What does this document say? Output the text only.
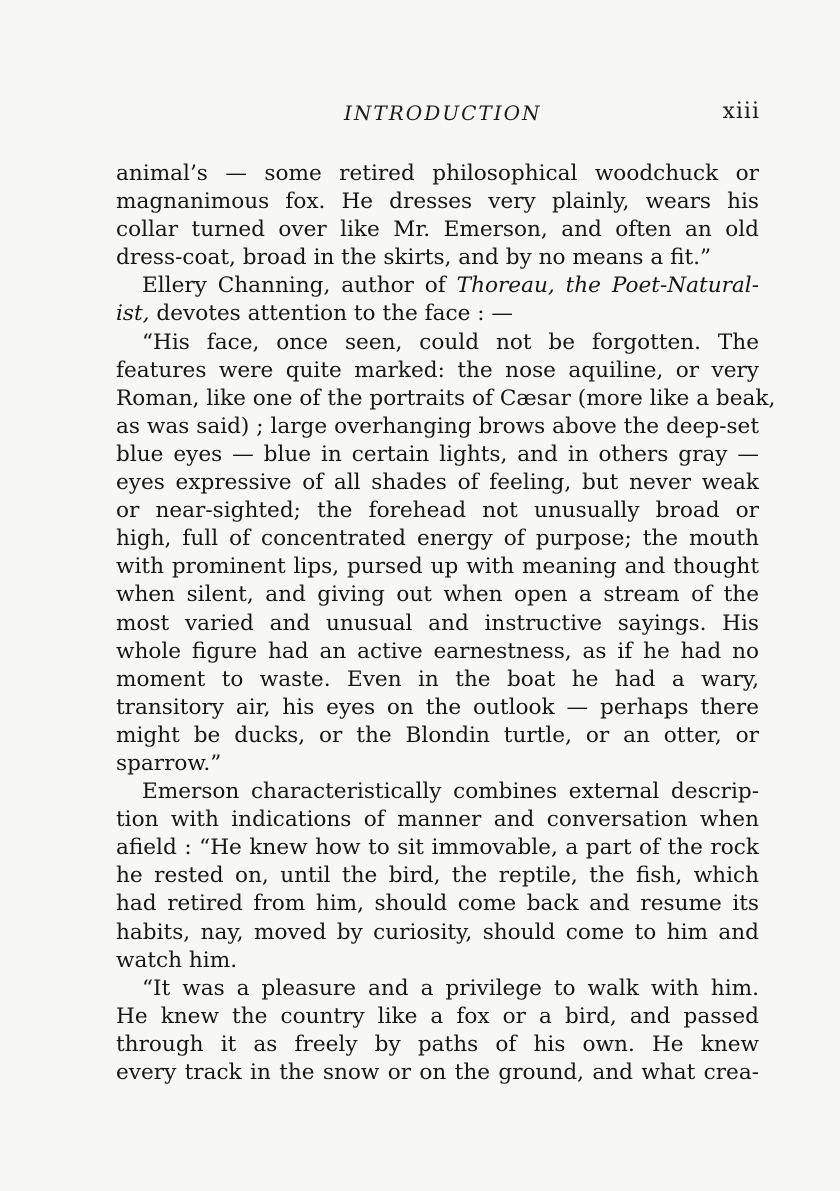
INTRODUCTION	xiii
animal’s — some retired philosophical woodchuck or
magnanimous fox. He dresses very plainly, wears his
collar turned over like Mr. Emerson, and often an old
dress-coat, broad in the skirts, and by no means a fit.”
Ellery Channing, author of Thoreau, the Poet-Natural-
ist, devotes attention to the face : —
“His face, once seen, could not be forgotten. The
features were quite marked: the nose aquiline, or very
Roman, like one of the portraits of Cæsar (more like a beak,
as was said) ; large overhanging brows above the deep-set
blue eyes — blue in certain lights, and in others gray —
eyes expressive of all shades of feeling, but never weak
or near-sighted; the forehead not unusually broad or
high, full of concentrated energy of purpose; the mouth
with prominent lips, pursed up with meaning and thought
when silent, and giving out when open a stream of the
most varied and unusual and instructive sayings. His
whole figure had an active earnestness, as if he had no
moment to waste. Even in the boat he had a wary,
transitory air, his eyes on the outlook — perhaps there
might be ducks, or the Blondin turtle, or an otter, or
sparrow.”
Emerson characteristically combines external descrip-
tion with indications of manner and conversation when
afield : “He knew how to sit immovable, a part of the rock
he rested on, until the bird, the reptile, the fish, which
had retired from him, should come back and resume its
habits, nay, moved by curiosity, should come to him and
watch him.
“It was a pleasure and a privilege to walk with him.
He knew the country like a fox or a bird, and passed
through it as freely by paths of his own. He knew
every track in the snow or on the ground, and what crea-
